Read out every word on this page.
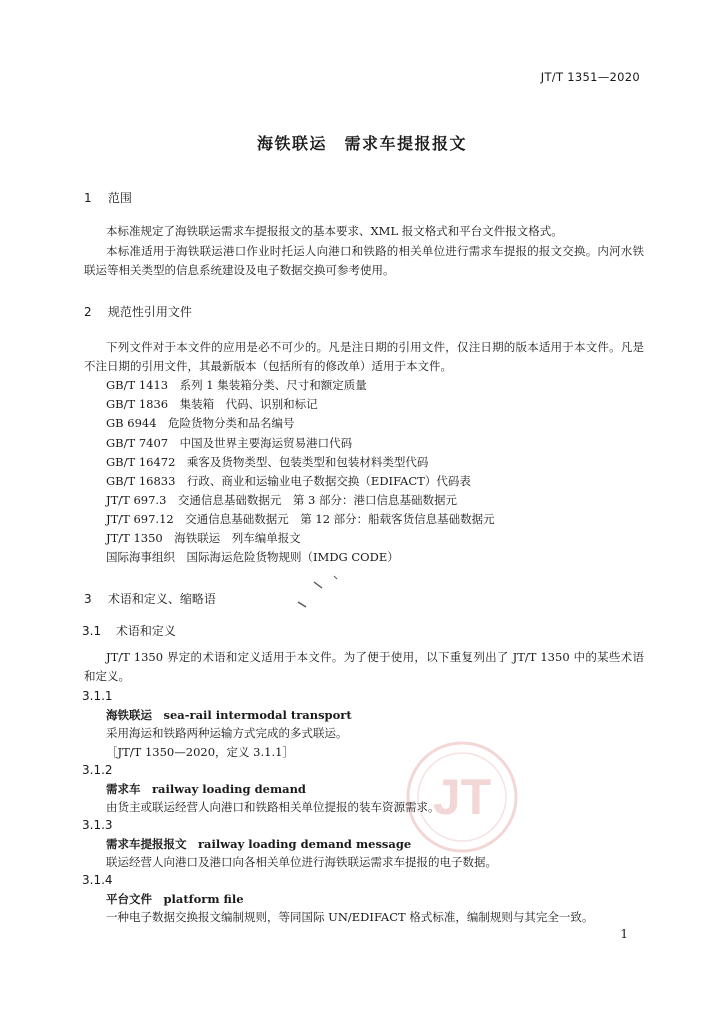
JT/T 1351—2020
海铁联运　需求车提报报文
1 范围
本标准规定了海铁联运需求车提报报文的基本要求、XML 报文格式和平台文件报文格式。
本标准适用于海铁联运港口作业时托运人向港口和铁路的相关单位进行需求车提报的报文交换。内河水铁联运等相关类型的信息系统建设及电子数据交换可参考使用。
2 规范性引用文件
下列文件对于本文件的应用是必不可少的。凡是注日期的引用文件，仅注日期的版本适用于本文件。凡是不注日期的引用文件，其最新版本（包括所有的修改单）适用于本文件。
GB/T 1413　系列 1 集装箱分类、尺寸和额定质量
GB/T 1836　集装箱　代码、识别和标记
GB 6944　危险货物分类和品名编号
GB/T 7407　中国及世界主要海运贸易港口代码
GB/T 16472　乘客及货物类型、包装类型和包装材料类型代码
GB/T 16833　行政、商业和运输业电子数据交换（EDIFACT）代码表
JT/T 697.3　交通信息基础数据元　第 3 部分：港口信息基础数据元
JT/T 697.12　交通信息基础数据元　第 12 部分：船载客货信息基础数据元
JT/T 1350　海铁联运　列车编单报文
国际海事组织　国际海运危险货物规则（IMDG CODE）
3 术语和定义、缩略语
3.1 术语和定义
JT/T 1350 界定的术语和定义适用于本文件。为了便于使用，以下重复列出了 JT/T 1350 中的某些术语和定义。
JT
3.1.1
海铁联运　sea-rail intermodal transport
采用海运和铁路两种运输方式完成的多式联运。
［JT/T 1350—2020，定义 3.1.1］
3.1.2
需求车　railway loading demand
由货主或联运经营人向港口和铁路相关单位提报的装车资源需求。
3.1.3
需求车提报报文　railway loading demand message
联运经营人向港口及港口向各相关单位进行海铁联运需求车提报的电子数据。
3.1.4
平台文件　platform file
一种电子数据交换报文编制规则，等同国际 UN/EDIFACT 格式标准，编制规则与其完全一致。
1
